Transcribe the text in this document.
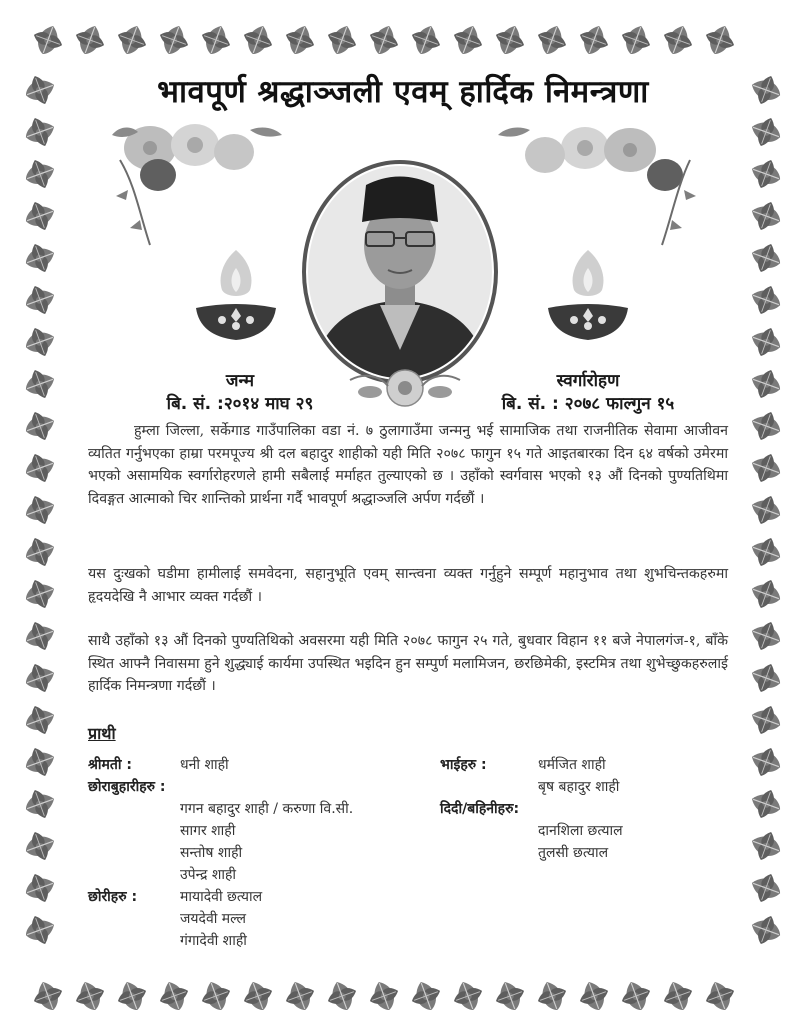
भावपूर्ण श्रद्धाञ्जली एवम् हार्दिक निमन्त्रणा
जन्म
बि. सं. :२०१४ माघ २९
स्वर्गारोहण
बि. सं. : २०७८ फाल्गुन १५

हुम्ला जिल्ला, सर्केगाड गाउँपालिका वडा नं. ७ ठुलागाउँमा जन्मनु भई सामाजिक तथा राजनीतिक सेवामा आजीवन व्यतित गर्नुभएका हाम्रा परमपूज्य श्री दल बहादुर शाहीको यही मिति २०७८ फागुन १५ गते आइतबारका दिन ६४ वर्षको उमेरमा भएको असामयिक स्वर्गारोहरणले हामी सबैलाई मर्माहत तुल्याएको छ । उहाँको स्वर्गवास भएको १३ औं दिनको पुण्यतिथिमा दिवङ्गत आत्माको चिर शान्तिको प्रार्थना गर्दै भावपूर्ण श्रद्धाञ्जलि अर्पण गर्दछौं ।

यस दुःखको घडीमा हामीलाई समवेदना, सहानुभूति एवम् सान्त्वना व्यक्त गर्नुहुने सम्पूर्ण महानुभाव तथा शुभचिन्तकहरुमा हृदयदेखि नै आभार व्यक्त गर्दछौं ।

साथै उहाँको १३ औं दिनको पुण्यतिथिको अवसरमा यही मिति २०७८ फागुन २५ गते, बुधवार विहान ११ बजे नेपालगंज-१, बाँके स्थित आफ्नै निवासमा हुने शुद्ध्याई कार्यमा उपस्थित भइदिन हुन सम्पुर्ण मलामिजन, छरछिमेकी, इस्टमित्र तथा शुभेच्छुकहरुलाई हार्दिक निमन्त्रणा गर्दछौं ।

प्राथी
श्रीमती :	धनी शाही
छोराबुहारीहरु :
गगन बहादुर शाही / करुणा वि.सी.
सागर शाही
सन्तोष शाही
उपेन्द्र शाही
छोरीहरु :	मायादेवी छत्याल
जयदेवी मल्ल
गंगादेवी शाही
भाईहरु :	धर्मजित शाही
बृष बहादुर शाही
दिदी/बहिनीहरु:
दानशिला छत्याल
तुलसी छत्याल
